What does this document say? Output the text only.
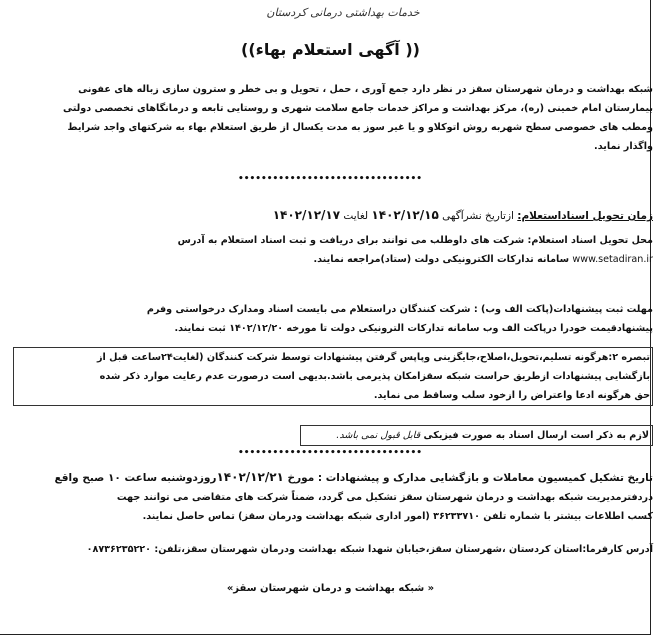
خدمات بهداشتی درمانی کردستان
(( آگهی استعلام بهاء))

شبکه بهداشت و درمان شهرستان سقز در نظر دارد جمع آوری ، حمل ، تحویل و بی خطر و سترون سازی زباله های عفونی

بیمارستان امام خمینی (ره)، مرکز بهداشت و مراکز خدمات جامع سلامت شهری و روستایی تابعه و درمانگاهای تخصصی دولتی

ومطب های خصوصی سطح شهربه روش اتوکلاو و یا غیر سوز به مدت یکسال از طریق استعلام بهاء به شرکتهای واجد شرایط

واگذار نماید.

••••••••••••••••••••••••••••••••

زمان تحویل اسناداستعلام: ازتاریخ نشرآگهی ۱۴۰۲/۱۲/۱۵ لغایت ۱۴۰۲/۱۲/۱۷

محل تحویل اسناد استعلام: شرکت های داوطلب می توانند برای دریافت و ثبت اسناد استعلام به آدرس

www.setadiran.ir سامانه تدارکات الکترونیکی دولت (ستاد)مراجعه نمایند.

مهلت ثبت پیشنهادات(پاکت الف وب) : شرکت کنندگان دراستعلام می بایست اسناد ومدارک درخواستی وفرم

پیشنهادقیمت خودرا درپاکت الف وب سامانه تدارکات الترونیکی دولت تا مورخه ۱۴۰۲/۱۲/۲۰ ثبت نمایند.

تبصره ۲:هرگونه تسلیم،تحویل،اصلاح،جایگزینی وپاپس گرفتن پیشنهادات توسط شرکت کنندگان (لغایت۲۴ساعت قبل از

بازگشایی پیشنهادات ازطریق حراست شبکه سقزامکان پذیرمی باشد.بدیهی است درصورت عدم رعایت موارد ذکر شده

حق هرگونه ادعا واعتراض را ازخود سلب وساقط می نماید.

لازم به ذکر است ارسال اسناد به صورت فیزیکی قابل قبول نمی باشد.

••••••••••••••••••••••••••••••••

تاریخ تشکیل کمیسیون معاملات و بازگشایی مدارک و پیشنهادات : مورخ ۱۴۰۲/۱۲/۲۱روزدوشنبه ساعت ۱۰ صبح واقع

دردفترمدیریت شبکه بهداشت و درمان شهرستان سقز تشکیل می گردد، ضمناً شرکت های متقاضی می توانند جهت

کسب اطلاعات بیشتر با شماره تلفن ۳۶۲۳۳۷۱۰ (امور اداری شبکه بهداشت ودرمان سقز) تماس حاصل نمایند.

آدرس کارفرما:استان کردستان ،شهرستان سقز،خیابان شهدا شبکه بهداشت ودرمان شهرستان سقز،تلفن: ۰۸۷۳۶۲۳۵۲۲۰

« شبکه بهداشت و درمان شهرستان سقز»
